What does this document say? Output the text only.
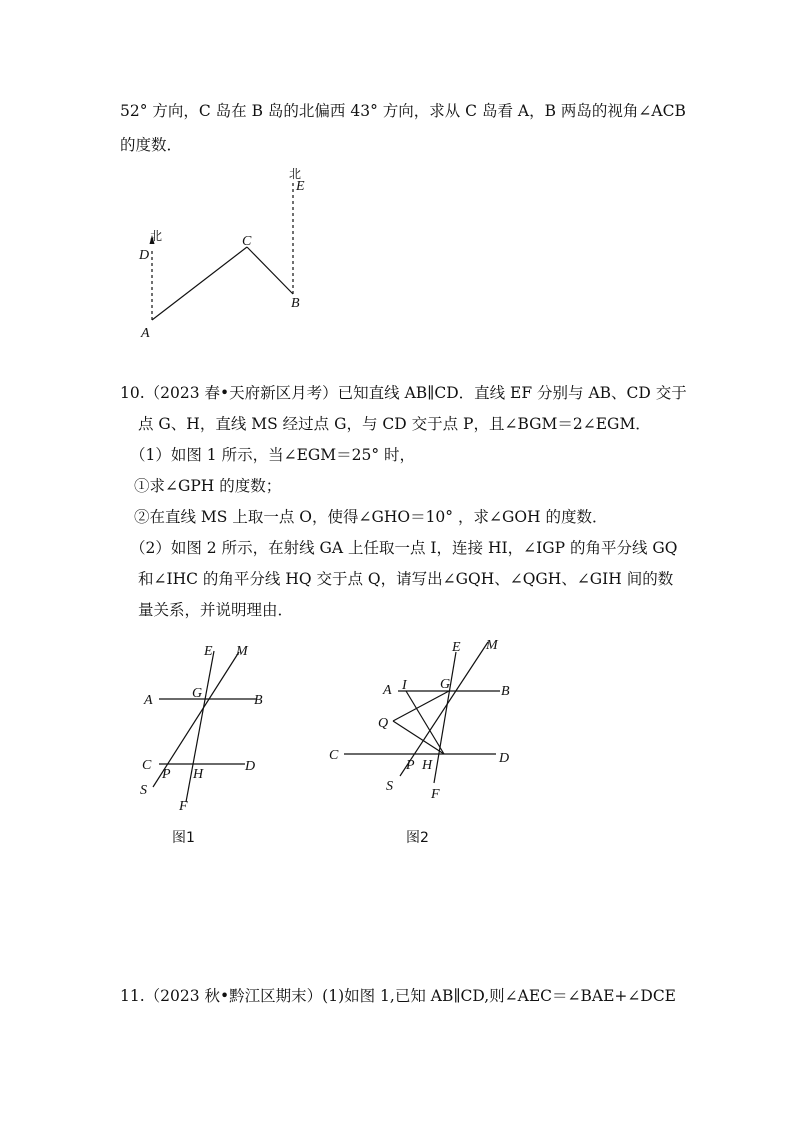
52° 方向，C 岛在 B 岛的北偏西 43° 方向，求从 C 岛看 A，B 两岛的视角∠ACB
的度数．
北
北
A
B
C
D
E
10.（2023 春•天府新区月考）已知直线 AB∥CD．直线 EF 分别与 AB、CD 交于
点 G、H，直线 MS 经过点 G，与 CD 交于点 P，且∠BGM＝2∠EGM．
（1）如图 1 所示，当∠EGM＝25° 时，
①求∠GPH 的度数；
②在直线 MS 上取一点 O，使得∠GHO＝10° ，求∠GOH 的度数．
（2）如图 2 所示，在射线 GA 上任取一点 I，连接 HI，∠IGP 的角平分线 GQ
和∠IHC 的角平分线 HQ 交于点 Q，请写出∠GQH、∠QGH、∠GIH 间的数
量关系，并说明理由．
E M
A	G	B
C
P H
D
S
F
图1
E M
A I G	B
Q
C	D
P H
S
F
图2
11.（2023 秋•黔江区期末）(1)如图 1,已知 AB∥CD,则∠AEC＝∠BAE+∠DCE
